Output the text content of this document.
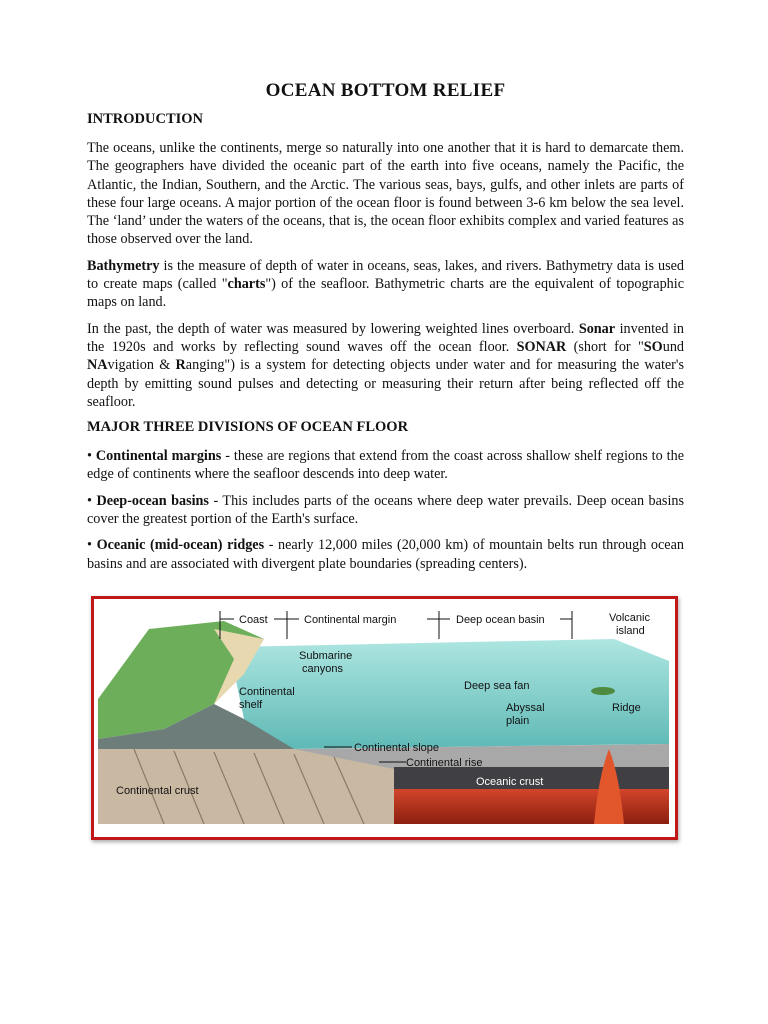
OCEAN BOTTOM RELIEF
INTRODUCTION

The oceans, unlike the continents, merge so naturally into one another that it is hard to demarcate them. The geographers have divided the oceanic part of the earth into five oceans, namely the Pacific, the Atlantic, the Indian, Southern, and the Arctic. The various seas, bays, gulfs, and other inlets are parts of these four large oceans. A major portion of the ocean floor is found between 3-6 km below the sea level. The ‘land’ under the waters of the oceans, that is, the ocean floor exhibits complex and varied features as those observed over the land.

Bathymetry is the measure of depth of water in oceans, seas, lakes, and rivers. Bathymetry data is used to create maps (called "charts") of the seafloor. Bathymetric charts are the equivalent of topographic maps on land.

In the past, the depth of water was measured by lowering weighted lines overboard. Sonar invented in the 1920s and works by reflecting sound waves off the ocean floor. SONAR (short for "SOund NAvigation & Ranging") is a system for detecting objects under water and for measuring the water's depth by emitting sound pulses and detecting or measuring their return after being reflected off the seafloor.

MAJOR THREE DIVISIONS OF OCEAN FLOOR

• Continental margins - these are regions that extend from the coast across shallow shelf regions to the edge of continents where the seafloor descends into deep water.

• Deep-ocean basins - This includes parts of the oceans where deep water prevails. Deep ocean basins cover the greatest portion of the Earth's surface.

• Oceanic (mid-ocean) ridges - nearly 12,000 miles (20,000 km) of mountain belts run through ocean basins and are associated with divergent plate boundaries (spreading centers).

Coast	Continental margin	Deep ocean basin	Volcanic
island
Submarine
canyons
Continental
shelf
Deep sea fan
Abyssal
plain
Ridge
Continental slope
Continental rise
Oceanic crust
Continental crust
